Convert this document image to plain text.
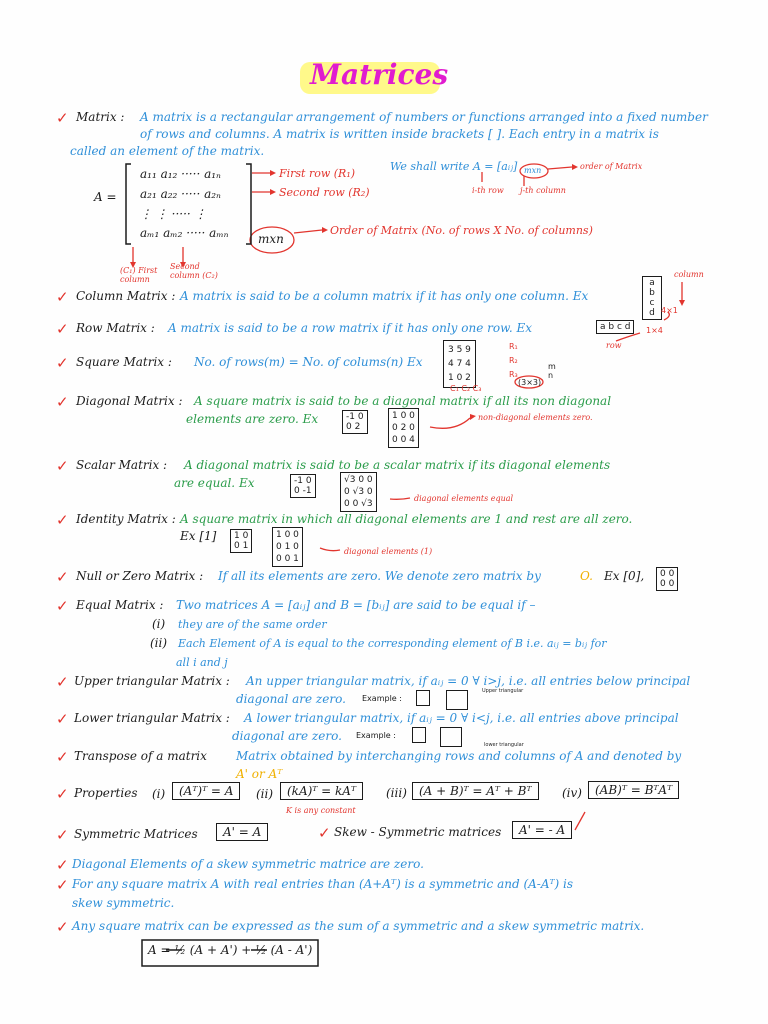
Matrices
✓ Matrix : A matrix is a rectangular arrangement of numbers or functions arranged into a fixed number
of rows and columns. A matrix is written inside brackets [ ]. Each entry in a matrix is
called an element of the matrix.
A =
a₁₁ a₁₂ ····· a₁ₙ
a₂₁ a₂₂ ····· a₂ₙ
⋮ ⋮ ····· ⋮
aₘ₁ aₘ₂ ····· aₘₙ
First row (R₁)
Second row (R₂)
mxn
Order of Matrix (No. of rows X No. of columns)
We shall write A = [aᵢⱼ] mxn	order of Matrix
i-th row j-th column
(C₁) First column
Second column (C₂)
✓ Column Matrix : A matrix is said to be a column matrix if it has only one column. Ex
a
b
c
d 4×1
column
✓ Row Matrix : A matrix is said to be a row matrix if it has only one row. Ex	a b c d	1×4
row
✓ Square Matrix : No. of rows(m) = No. of colums(n) Ex
3 5 9
4 7 4
1 0 2
R₁
R₂
R₃
C₁ C₂ C₃
m
n
(3×3)
✓ Diagonal Matrix : A square matrix is said to be a diagonal matrix if all its non diagonal
elements are zero. Ex	-1 0
0 2
1 0 0
0 2 0
0 0 4
non-diagonal elements zero.
✓ Scalar Matrix : A diagonal matrix is said to be a scalar matrix if its diagonal elements
are equal. Ex	-1 0
0 -1
√3 0 0
0 √3 0
0 0 √3
diagonal elements equal
✓ Identity Matrix : A square matrix in which all diagonal elements are 1 and rest are all zero.
Ex [1] 1 0
0 1
1 0 0
0 1 0
0 0 1
diagonal elements (1)
✓ Null or Zero Matrix : If all its elements are zero. We denote zero matrix by	O. Ex [0], 0 0
0 0
✓ Equal Matrix : Two matrices A = [aᵢⱼ] and B = [bᵢⱼ] are said to be equal if –
(i) they are of the same order
(ii) Each Element of A is equal to the corresponding element of B i.e. aᵢⱼ = bᵢⱼ for
all i and j
✓ Upper triangular Matrix : An upper triangular matrix, if aᵢⱼ = 0 ∀ i>j, i.e. all entries below principal
diagonal are zero. Example :
Upper triangular
✓ Lower triangular Matrix : A lower triangular matrix, if aᵢⱼ = 0 ∀ i<j, i.e. all entries above principal
diagonal are zero. Example :
lower triangular
✓ Transpose of a matrix Matrix obtained by interchanging rows and columns of A and denoted by
A' or Aᵀ
✓ Properties (i)	(Aᵀ)ᵀ = A	(ii)	(kA)ᵀ = kAᵀ	(iii)	(A + B)ᵀ = Aᵀ + Bᵀ	(iv)	(AB)ᵀ = BᵀAᵀ
K is any constant
✓ Symmetric Matrices	A' = A	✓ Skew - Symmetric matrices	A' = - A
✓ Diagonal Elements of a skew symmetric matrice are zero.
✓ For any square matrix A with real entries than (A+Aᵀ) is a symmetric and (A-Aᵀ) is
skew symmetric.
✓ Any square matrix can be expressed as the sum of a symmetric and a skew symmetric matrix.
A = ½ (A + A') + ½ (A - A')
